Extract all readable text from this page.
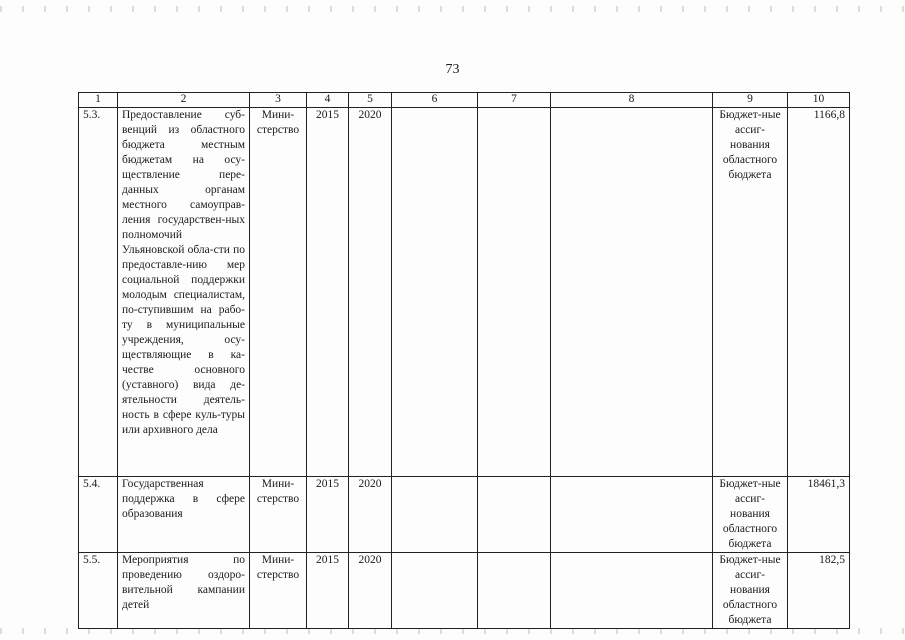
73
1	2	3	4	5	6	7	8	9	10
5.3.	Предоставление суб-венций из областного бюджета местным бюджетам на осу-ществление пере-данных органам местного самоуправ-ления государствен-ных полномочий Ульяновской обла-сти по предоставле-нию мер социальной поддержки молодым специалистам, по-ступившим на рабо-ту в муниципальные учреждения, осу-ществляющие в ка-честве основного (уставного) вида де-ятельности деятель-ность в сфере куль-туры или архивного дела	Мини-стерство	2015	2020				Бюджет-ные ассиг-нования областного бюджета	1166,8
5.4.	Государственная поддержка в сфере образования	Мини-стерство	2015	2020				Бюджет-ные ассиг-нования областного бюджета	18461,3
5.5.	Мероприятия по проведению оздоро-вительной кампании детей	Мини-стерство	2015	2020				Бюджет-ные ассиг-нования областного бюджета	182,5
